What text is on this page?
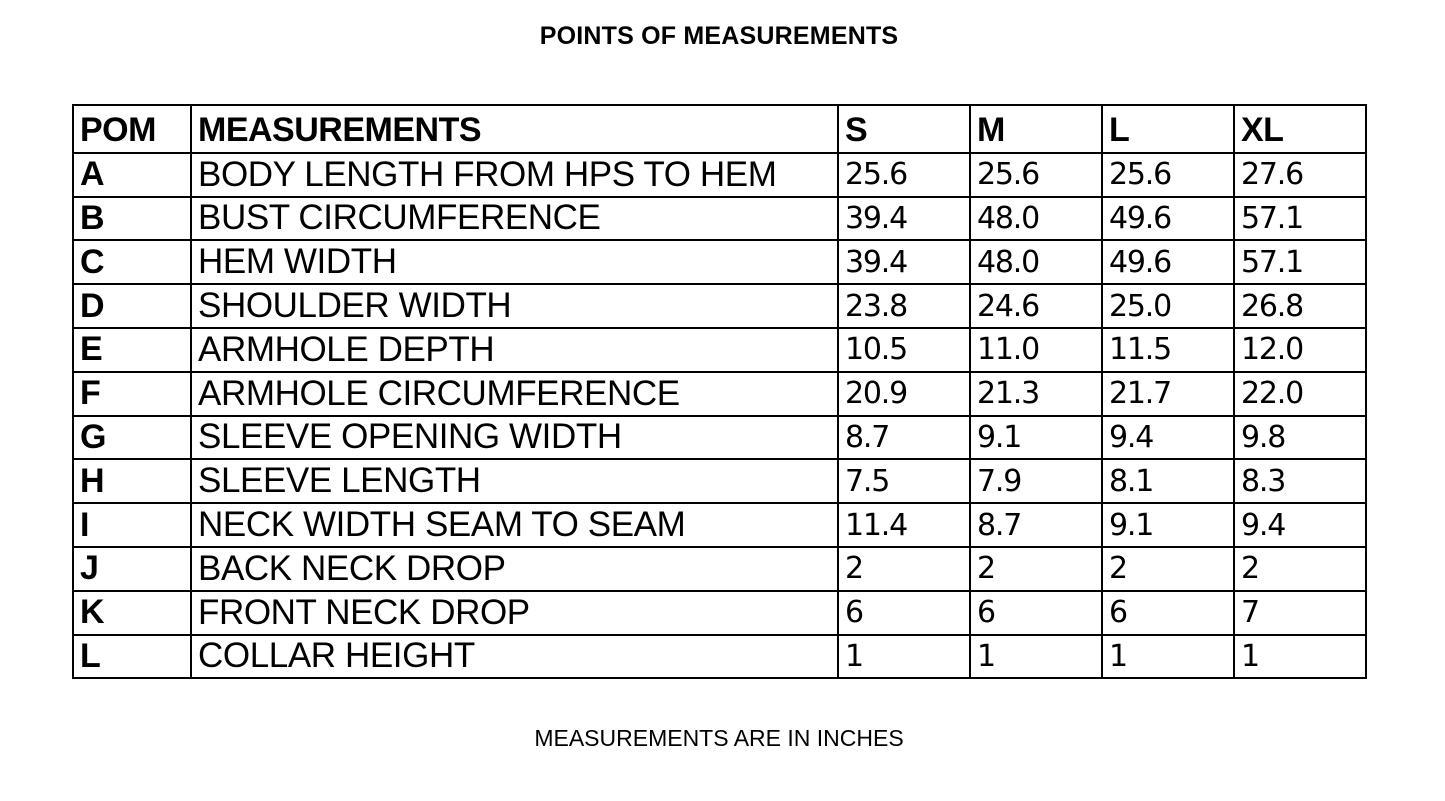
POINTS OF MEASUREMENTS
POM	MEASUREMENTS	S	M	L	XL
A	BODY LENGTH FROM HPS TO HEM	25.6	25.6	25.6	27.6
B	BUST CIRCUMFERENCE	39.4	48.0	49.6	57.1
C	HEM WIDTH	39.4	48.0	49.6	57.1
D	SHOULDER WIDTH	23.8	24.6	25.0	26.8
E	ARMHOLE DEPTH	10.5	11.0	11.5	12.0
F	ARMHOLE CIRCUMFERENCE	20.9	21.3	21.7	22.0
G	SLEEVE OPENING WIDTH	8.7	9.1	9.4	9.8
H	SLEEVE LENGTH	7.5	7.9	8.1	8.3
I	NECK WIDTH SEAM TO SEAM	11.4	8.7	9.1	9.4
J	BACK NECK DROP	2	2	2	2
K	FRONT NECK DROP	6	6	6	7
L	COLLAR HEIGHT	1	1	1	1
MEASUREMENTS ARE IN INCHES
